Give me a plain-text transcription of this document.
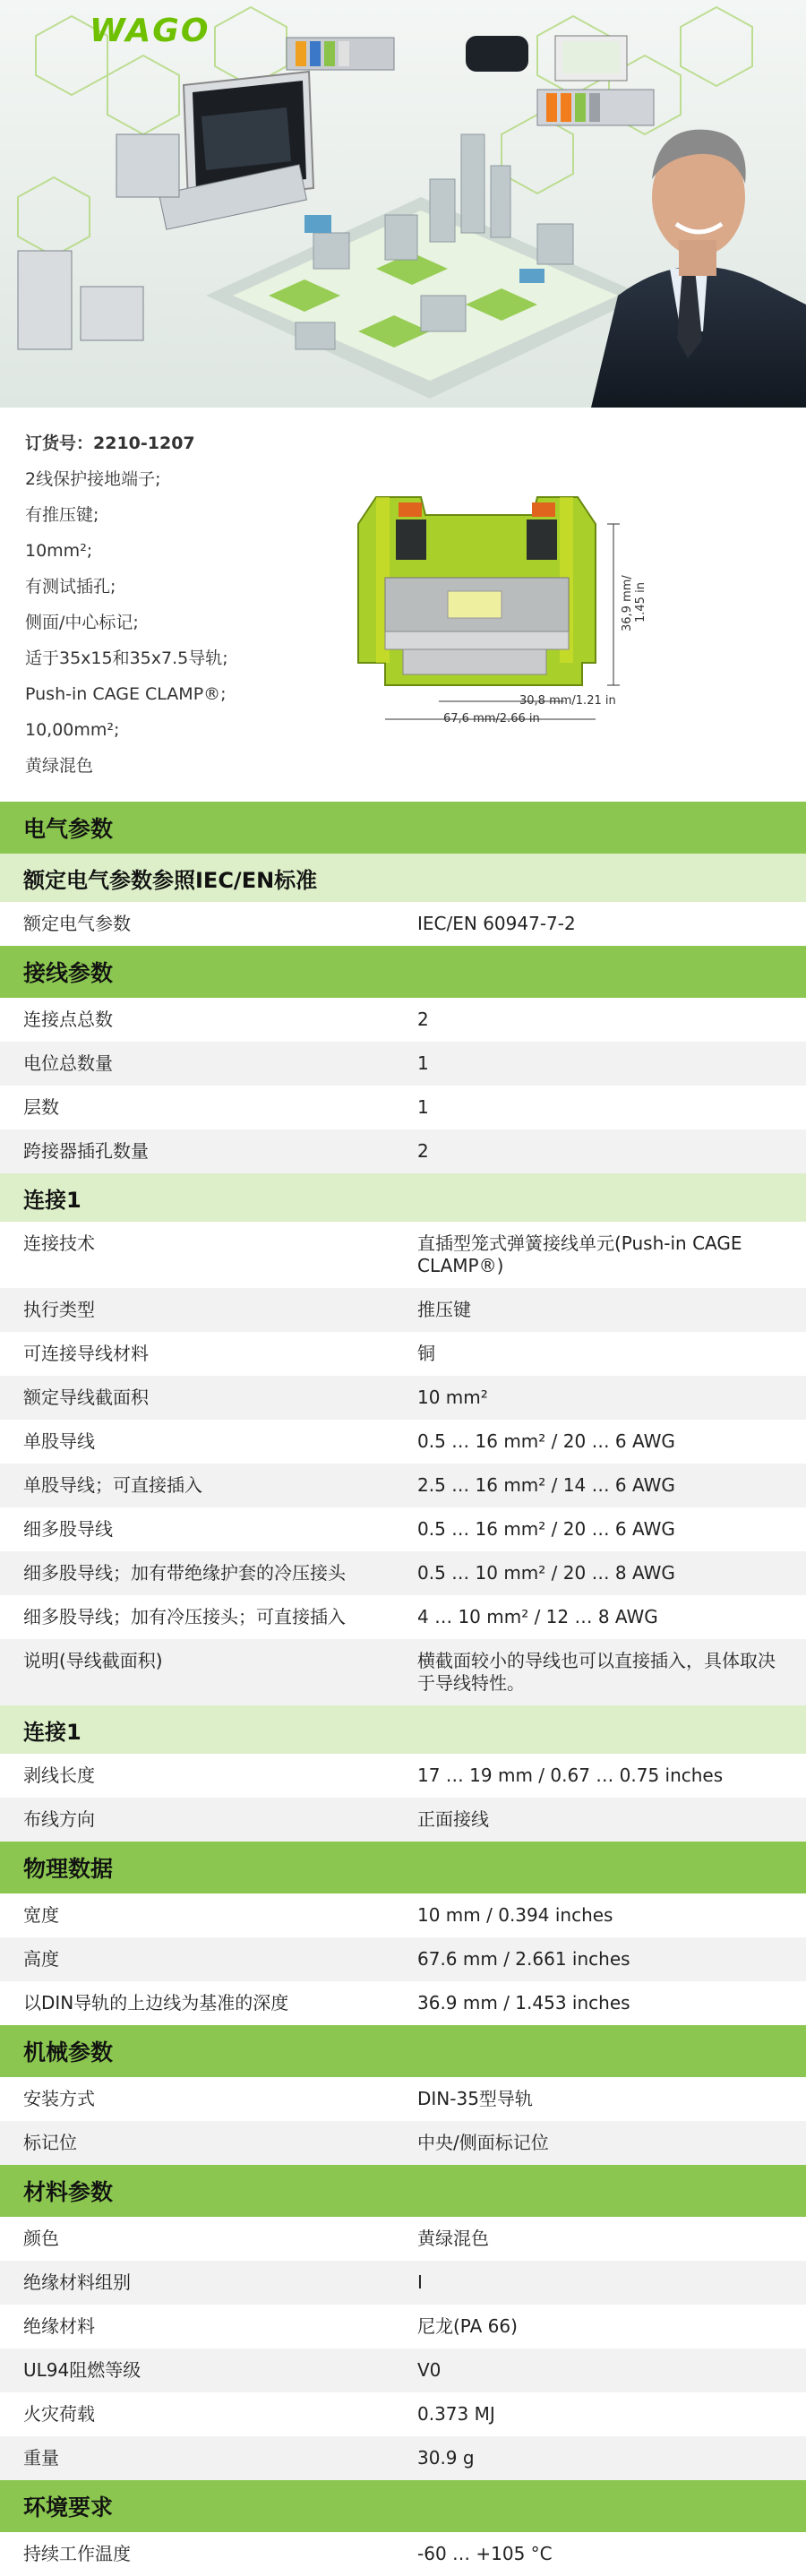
WAGO
订货号：2210-1207
2线保护接地端子;
有推压键;
10mm²;
有测试插孔;
侧面/中心标记;
适于35x15和35x7.5导轨;
Push-in CAGE CLAMP®;
10,00mm²;
黄绿混色
36,9 mm/ 1.45 in
30,8 mm/1.21 in
67,6 mm/2.66 in
电气参数
额定电气参数参照IEC/EN标准
额定电气参数	IEC/EN 60947-7-2
接线参数
连接点总数	2
电位总数量	1
层数	1
跨接器插孔数量	2
连接1
连接技术	直插型笼式弹簧接线单元(Push-in CAGE CLAMP®)
执行类型	推压键
可连接导线材料	铜
额定导线截面积	10 mm²
单股导线	0.5 … 16 mm² / 20 … 6 AWG
单股导线；可直接插入	2.5 … 16 mm² / 14 … 6 AWG
细多股导线	0.5 … 16 mm² / 20 … 6 AWG
细多股导线；加有带绝缘护套的冷压接头	0.5 … 10 mm² / 20 … 8 AWG
细多股导线；加有冷压接头；可直接插入	4 … 10 mm² / 12 … 8 AWG
说明(导线截面积)	横截面较小的导线也可以直接插入，具体取决于导线特性。
连接1
剥线长度	17 … 19 mm / 0.67 … 0.75 inches
布线方向	正面接线
物理数据
宽度	10 mm / 0.394 inches
高度	67.6 mm / 2.661 inches
以DIN导轨的上边线为基准的深度	36.9 mm / 1.453 inches
机械参数
安装方式	DIN-35型导轨
标记位	中央/侧面标记位
材料参数
颜色	黄绿混色
绝缘材料组别	I
绝缘材料	尼龙(PA 66)
UL94阻燃等级	V0
火灾荷载	0.373 MJ
重量	30.9 g
环境要求
持续工作温度	-60 … +105 °C
